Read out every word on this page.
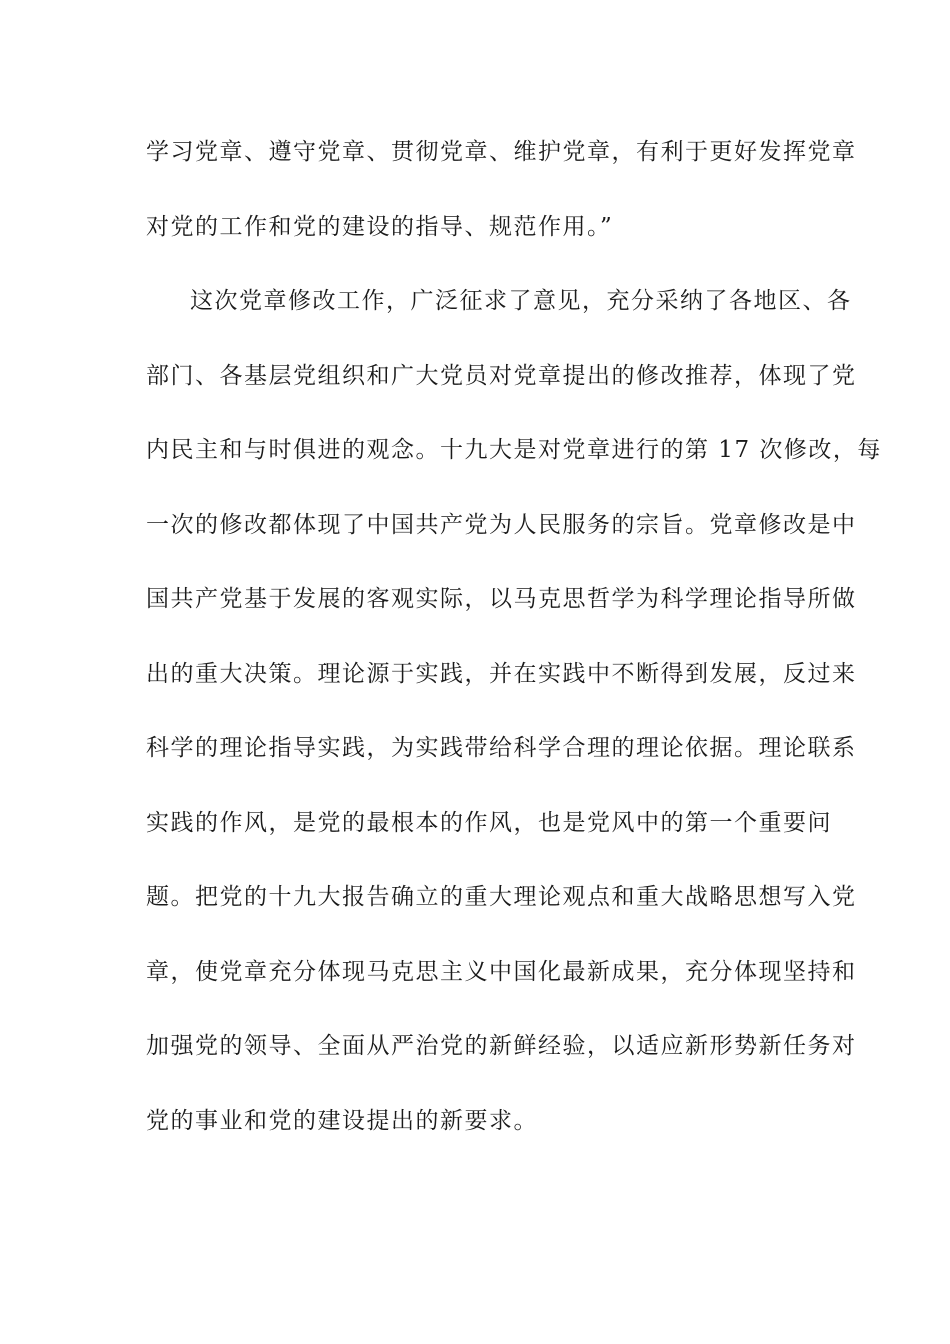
学习党章、遵守党章、贯彻党章、维护党章，有利于更好发挥党章
对党的工作和党的建设的指导、规范作用。”
这次党章修改工作，广泛征求了意见，充分采纳了各地区、各
部门、各基层党组织和广大党员对党章提出的修改推荐，体现了党
内民主和与时俱进的观念。十九大是对党章进行的第 17 次修改，每
一次的修改都体现了中国共产党为人民服务的宗旨。党章修改是中
国共产党基于发展的客观实际，以马克思哲学为科学理论指导所做
出的重大决策。理论源于实践，并在实践中不断得到发展，反过来
科学的理论指导实践，为实践带给科学合理的理论依据。理论联系
实践的作风，是党的最根本的作风，也是党风中的第一个重要问
题。把党的十九大报告确立的重大理论观点和重大战略思想写入党
章，使党章充分体现马克思主义中国化最新成果，充分体现坚持和
加强党的领导、全面从严治党的新鲜经验，以适应新形势新任务对
党的事业和党的建设提出的新要求。
